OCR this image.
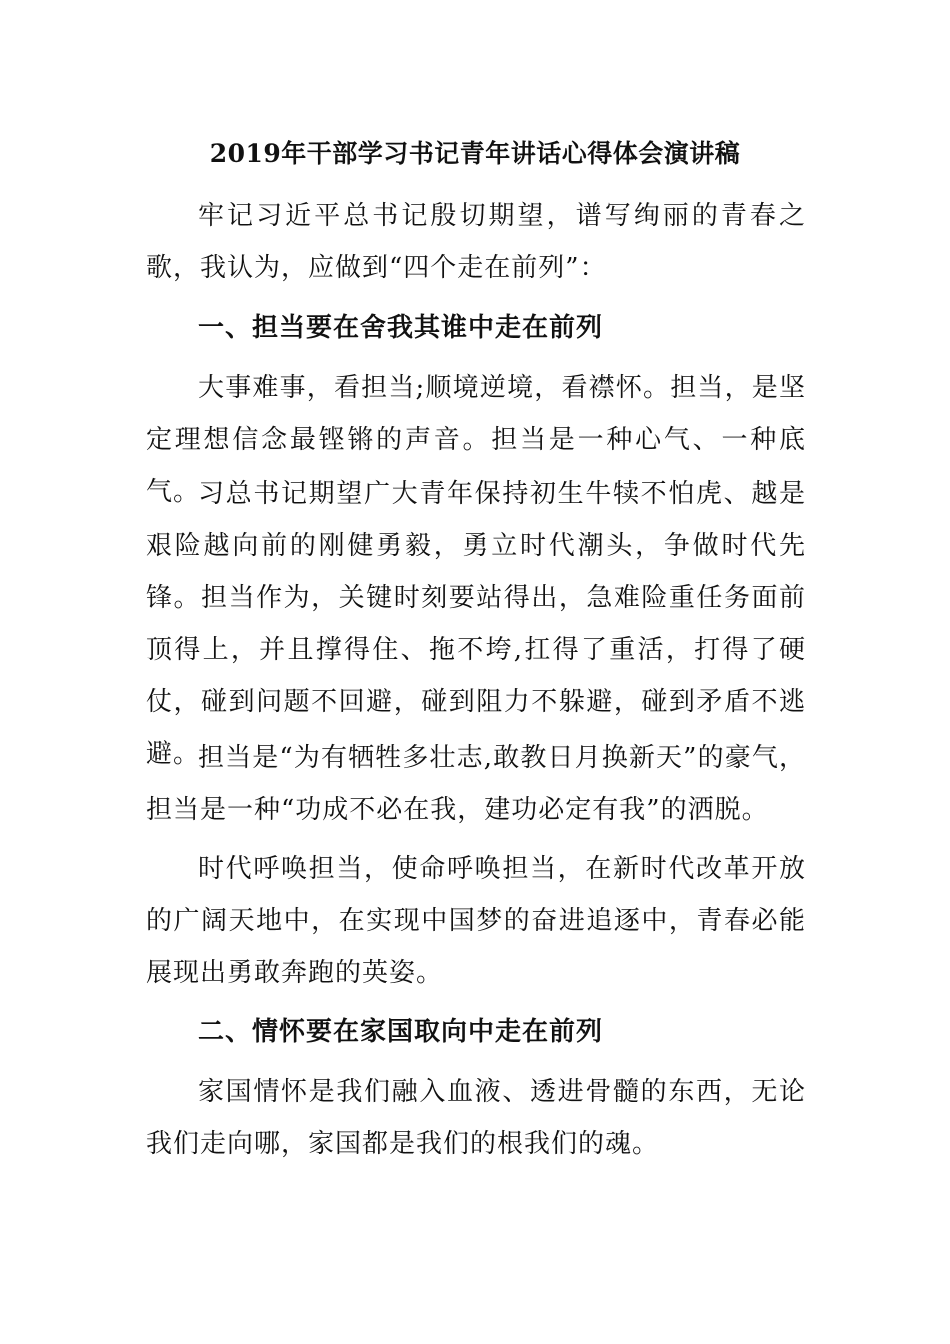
2019年干部学习书记青年讲话心得体会演讲稿
牢记习近平总书记殷切期望，谱写绚丽的青春之歌，我认为，应做到“四个走在前列”：
一、担当要在舍我其谁中走在前列
大事难事，看担当;顺境逆境，看襟怀。担当，是坚定理想信念最铿锵的声音。担当是一种心气、一种底气。
习总书记期望广大青年保持初生牛犊不怕虎、越是艰险越向前的刚健勇毅，勇立时代潮头，争做时代先锋。担当作为，关键时刻要站得出，急难险重任务面前顶得上，并且撑得住、拖不垮,扛得了重活，打得了硬仗，碰到问题不回避，碰到阻力不躲避，碰到矛盾不逃避。
担当是“为有牺牲多壮志,敢教日月换新天”的豪气，担当是一种“功成不必在我，建功必定有我”的洒脱。
时代呼唤担当，使命呼唤担当，在新时代改革开放的广阔天地中，在实现中国梦的奋进追逐中，青春必能展现出勇敢奔跑的英姿。
二、情怀要在家国取向中走在前列
家国情怀是我们融入血液、透进骨髓的东西，无论我们走向哪，家国都是我们的根我们的魂。
